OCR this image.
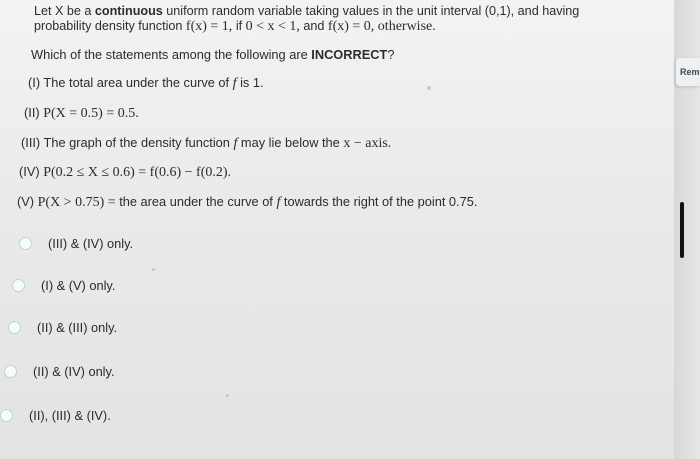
Let X be a continuous uniform random variable taking values in the unit interval (0,1), and having probability density function f(x) = 1, if 0 < x < 1, and f(x) = 0, otherwise.
Which of the statements among the following are INCORRECT?
(I) The total area under the curve of f is 1.
(II) P(X = 0.5) = 0.5.
(III) The graph of the density function f may lie below the x − axis.
(IV) P(0.2 ≤ X ≤ 0.6) = f(0.6) − f(0.2).
(V) P(X > 0.75) = the area under the curve of f towards the right of the point 0.75.
(III) & (IV) only.
(I) & (V) only.
(II) & (III) only.
(II) & (IV) only.
(II), (III) & (IV).
Rem
